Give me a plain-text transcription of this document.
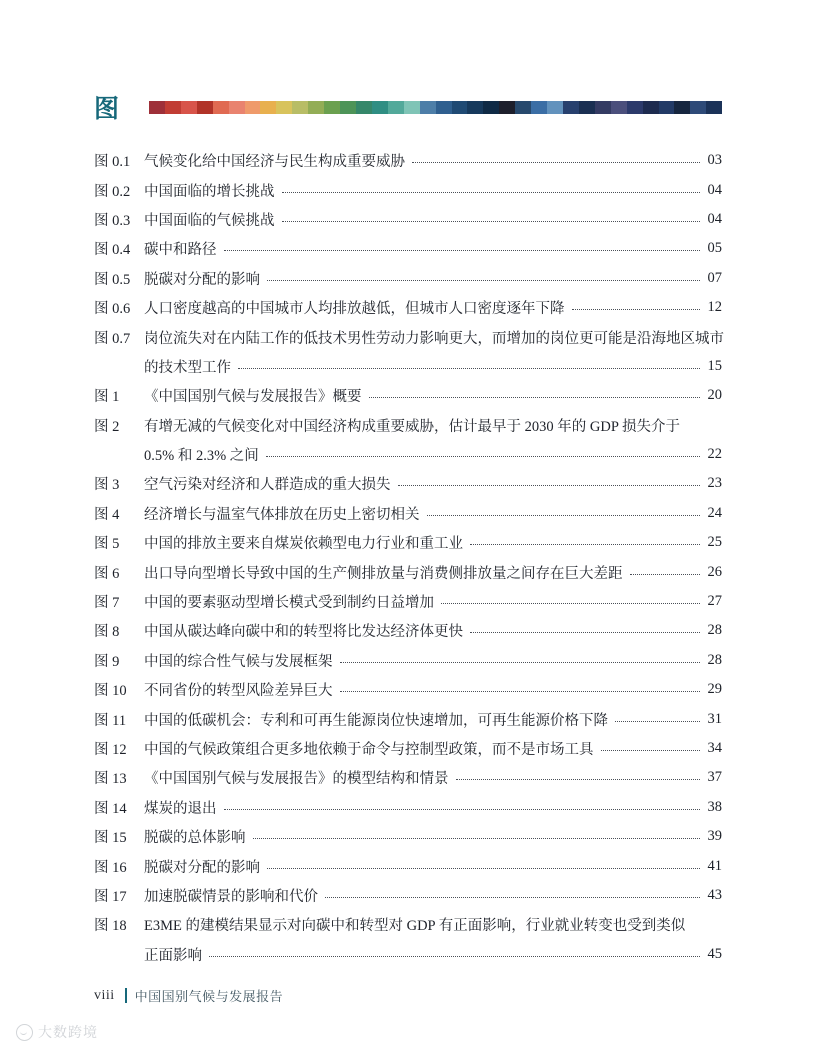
图
图 0.1 气候变化给中国经济与民生构成重要威胁	03
图 0.2 中国面临的增长挑战	04
图 0.3 中国面临的气候挑战	04
图 0.4 碳中和路径	05
图 0.5 脱碳对分配的影响	07
图 0.6 人口密度越高的中国城市人均排放越低，但城市人口密度逐年下降	12
图 0.7 岗位流失对在内陆工作的低技术男性劳动力影响更大，而增加的岗位更可能是沿海地区城市
的技术型工作	15
图 1	《中国国别气候与发展报告》概要	20
图 2	有增无减的气候变化对中国经济构成重要威胁，估计最早于 2030 年的 GDP 损失介于
0.5% 和 2.3% 之间	22
图 3	空气污染对经济和人群造成的重大损失	23
图 4	经济增长与温室气体排放在历史上密切相关	24
图 5	中国的排放主要来自煤炭依赖型电力行业和重工业	25
图 6	出口导向型增长导致中国的生产侧排放量与消费侧排放量之间存在巨大差距	26
图 7	中国的要素驱动型增长模式受到制约日益增加	27
图 8	中国从碳达峰向碳中和的转型将比发达经济体更快	28
图 9	中国的综合性气候与发展框架	28
图 10	不同省份的转型风险差异巨大	29
图 11	中国的低碳机会：专利和可再生能源岗位快速增加，可再生能源价格下降	31
图 12	中国的气候政策组合更多地依赖于命令与控制型政策，而不是市场工具	34
图 13	《中国国别气候与发展报告》的模型结构和情景	37
图 14	煤炭的退出	38
图 15	脱碳的总体影响	39
图 16	脱碳对分配的影响	41
图 17	加速脱碳情景的影响和代价	43
图 18	E3ME 的建模结果显示对向碳中和转型对 GDP 有正面影响，行业就业转变也受到类似
正面影响	45
viii 中国国别气候与发展报告
大数跨境
